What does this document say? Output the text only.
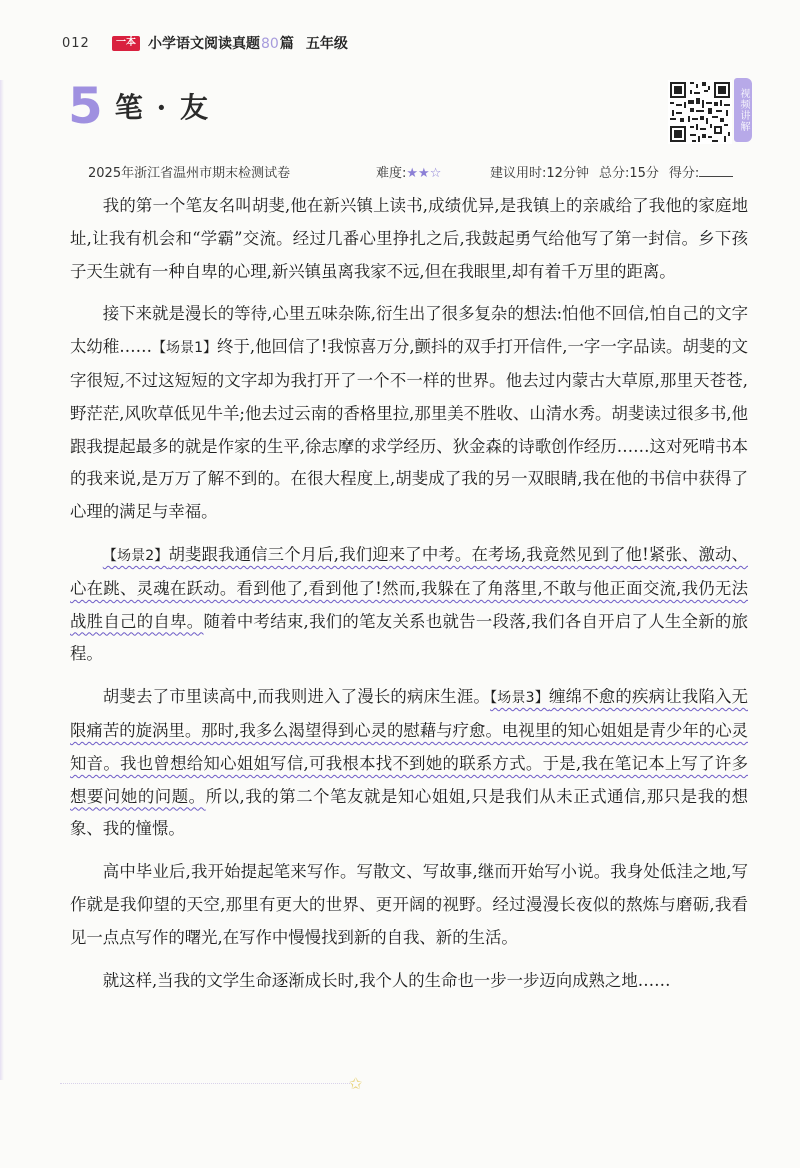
012	一本 小学语文阅读真题80篇 五年级
5 笔 · 友	视频讲解
2025年浙江省温州市期末检测试卷	难度:★★☆	建议用时:12分钟 总分:15分 得分:

我的第一个笔友名叫胡斐,他在新兴镇上读书,成绩优异,是我镇上的亲戚给了我他的家庭地址,让我有机会和“学霸”交流。经过几番心里挣扎之后,我鼓起勇气给他写了第一封信。乡下孩子天生就有一种自卑的心理,新兴镇虽离我家不远,但在我眼里,却有着千万里的距离。

接下来就是漫长的等待,心里五味杂陈,衍生出了很多复杂的想法:怕他不回信,怕自己的文字太幼稚……【场景1】终于,他回信了!我惊喜万分,颤抖的双手打开信件,一字一字品读。胡斐的文字很短,不过这短短的文字却为我打开了一个不一样的世界。他去过内蒙古大草原,那里天苍苍,野茫茫,风吹草低见牛羊;他去过云南的香格里拉,那里美不胜收、山清水秀。胡斐读过很多书,他跟我提起最多的就是作家的生平,徐志摩的求学经历、狄金森的诗歌创作经历……这对死啃书本的我来说,是万万了解不到的。在很大程度上,胡斐成了我的另一双眼睛,我在他的书信中获得了心理的满足与幸福。

【场景2】胡斐跟我通信三个月后,我们迎来了中考。在考场,我竟然见到了他!紧张、激动、心在跳、灵魂在跃动。看到他了,看到他了!然而,我躲在了角落里,不敢与他正面交流,我仍无法战胜自己的自卑。随着中考结束,我们的笔友关系也就告一段落,我们各自开启了人生全新的旅程。

胡斐去了市里读高中,而我则进入了漫长的病床生涯。【场景3】缠绵不愈的疾病让我陷入无限痛苦的旋涡里。那时,我多么渴望得到心灵的慰藉与疗愈。电视里的知心姐姐是青少年的心灵知音。我也曾想给知心姐姐写信,可我根本找不到她的联系方式。于是,我在笔记本上写了许多想要问她的问题。所以,我的第二个笔友就是知心姐姐,只是我们从未正式通信,那只是我的想象、我的憧憬。

高中毕业后,我开始提起笔来写作。写散文、写故事,继而开始写小说。我身处低洼之地,写作就是我仰望的天空,那里有更大的世界、更开阔的视野。经过漫漫长夜似的熬炼与磨砺,我看见一点点写作的曙光,在写作中慢慢找到新的自我、新的生活。

就这样,当我的文学生命逐渐成长时,我个人的生命也一步一步迈向成熟之地……

✩
